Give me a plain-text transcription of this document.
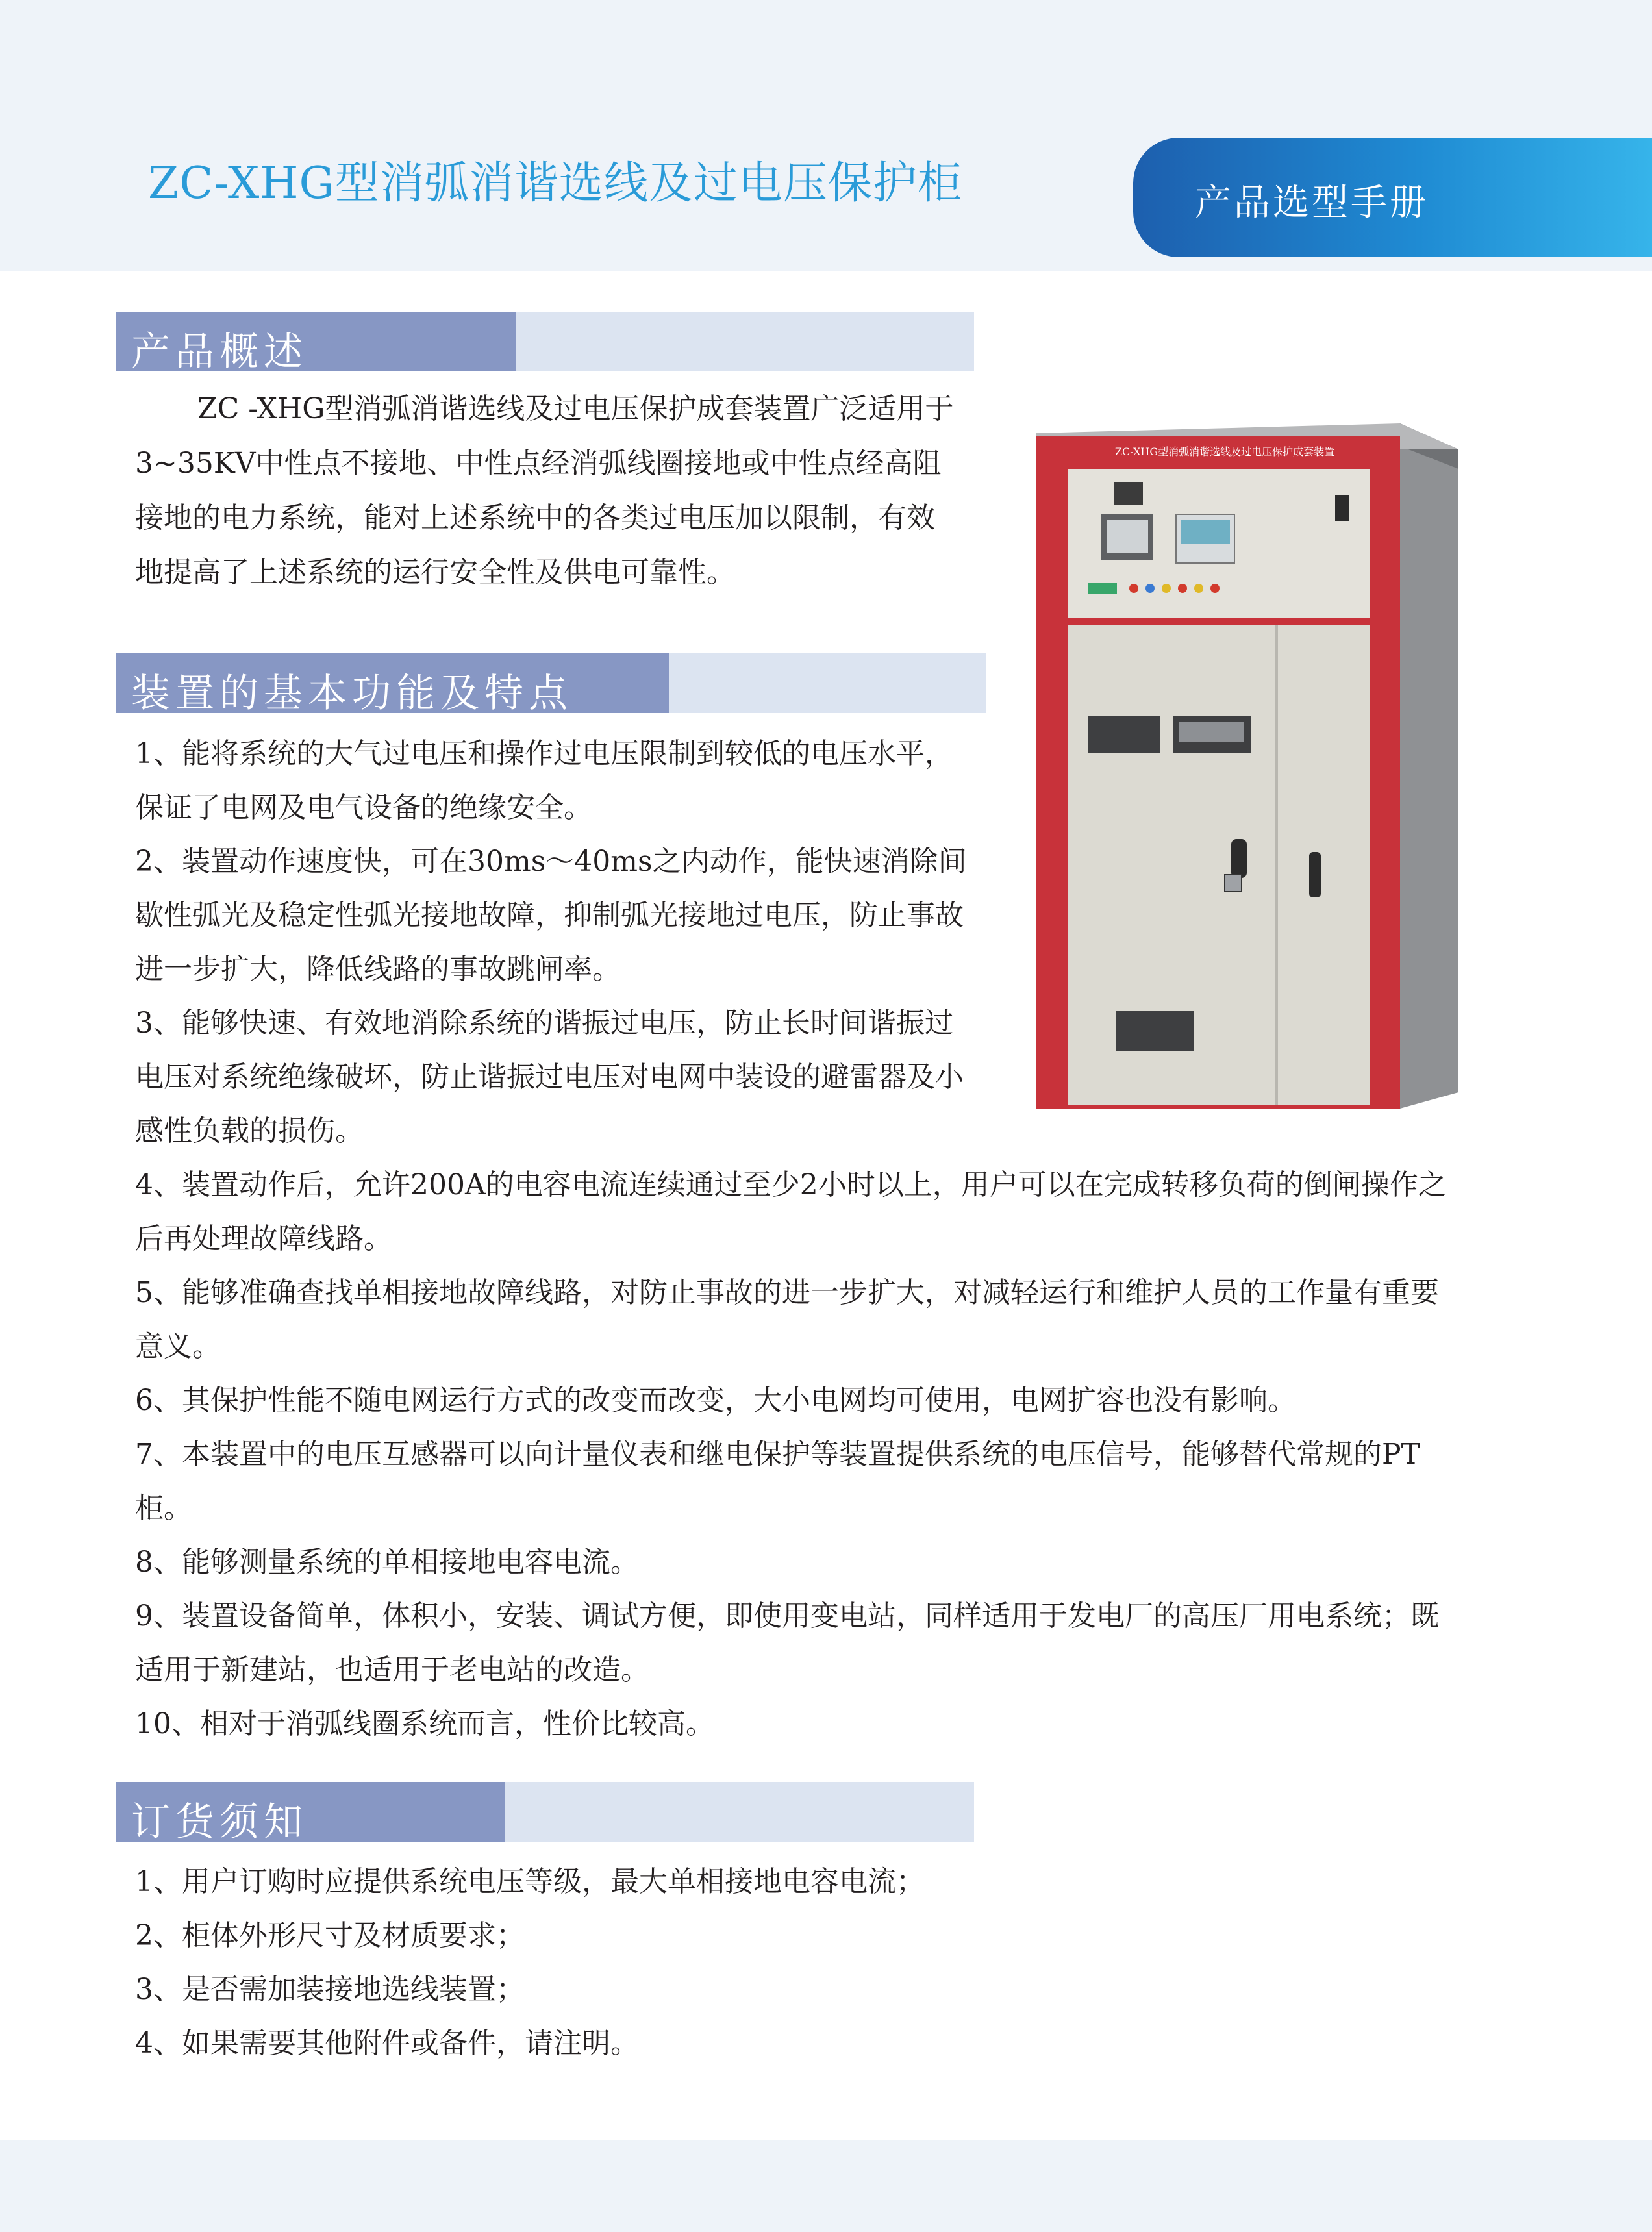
ZC-XHG型消弧消谐选线及过电压保护柜	产品选型手册
产品概述

ZC -XHG型消弧消谐选线及过电压保护成套装置广泛适用于

3~35KV中性点不接地、中性点经消弧线圈接地或中性点经高阻

接地的电力系统，能对上述系统中的各类过电压加以限制，有效

地提高了上述系统的运行安全性及供电可靠性。

ZC-XHG型消弧消谐选线及过电压保护成套装置
装置的基本功能及特点

1、能将系统的大气过电压和操作过电压限制到较低的电压水平，

保证了电网及电气设备的绝缘安全。

2、装置动作速度快，可在30ms～40ms之内动作，能快速消除间

歇性弧光及稳定性弧光接地故障，抑制弧光接地过电压，防止事故

进一步扩大，降低线路的事故跳闸率。

3、能够快速、有效地消除系统的谐振过电压，防止长时间谐振过

电压对系统绝缘破坏，防止谐振过电压对电网中装设的避雷器及小

感性负载的损伤。

4、装置动作后，允许200A的电容电流连续通过至少2小时以上，用户可以在完成转移负荷的倒闸操作之

后再处理故障线路。

5、能够准确查找单相接地故障线路，对防止事故的进一步扩大，对减轻运行和维护人员的工作量有重要

意义。

6、其保护性能不随电网运行方式的改变而改变，大小电网均可使用，电网扩容也没有影响。

7、本装置中的电压互感器可以向计量仪表和继电保护等装置提供系统的电压信号，能够替代常规的PT

柜。

8、能够测量系统的单相接地电容电流。

9、装置设备简单，体积小，安装、调试方便，即使用变电站，同样适用于发电厂的高压厂用电系统；既

适用于新建站，也适用于老电站的改造。

10、相对于消弧线圈系统而言，性价比较高。

订货须知

1、用户订购时应提供系统电压等级，最大单相接地电容电流；

2、柜体外形尺寸及材质要求；

3、是否需加装接地选线装置；

4、如果需要其他附件或备件，请注明。
